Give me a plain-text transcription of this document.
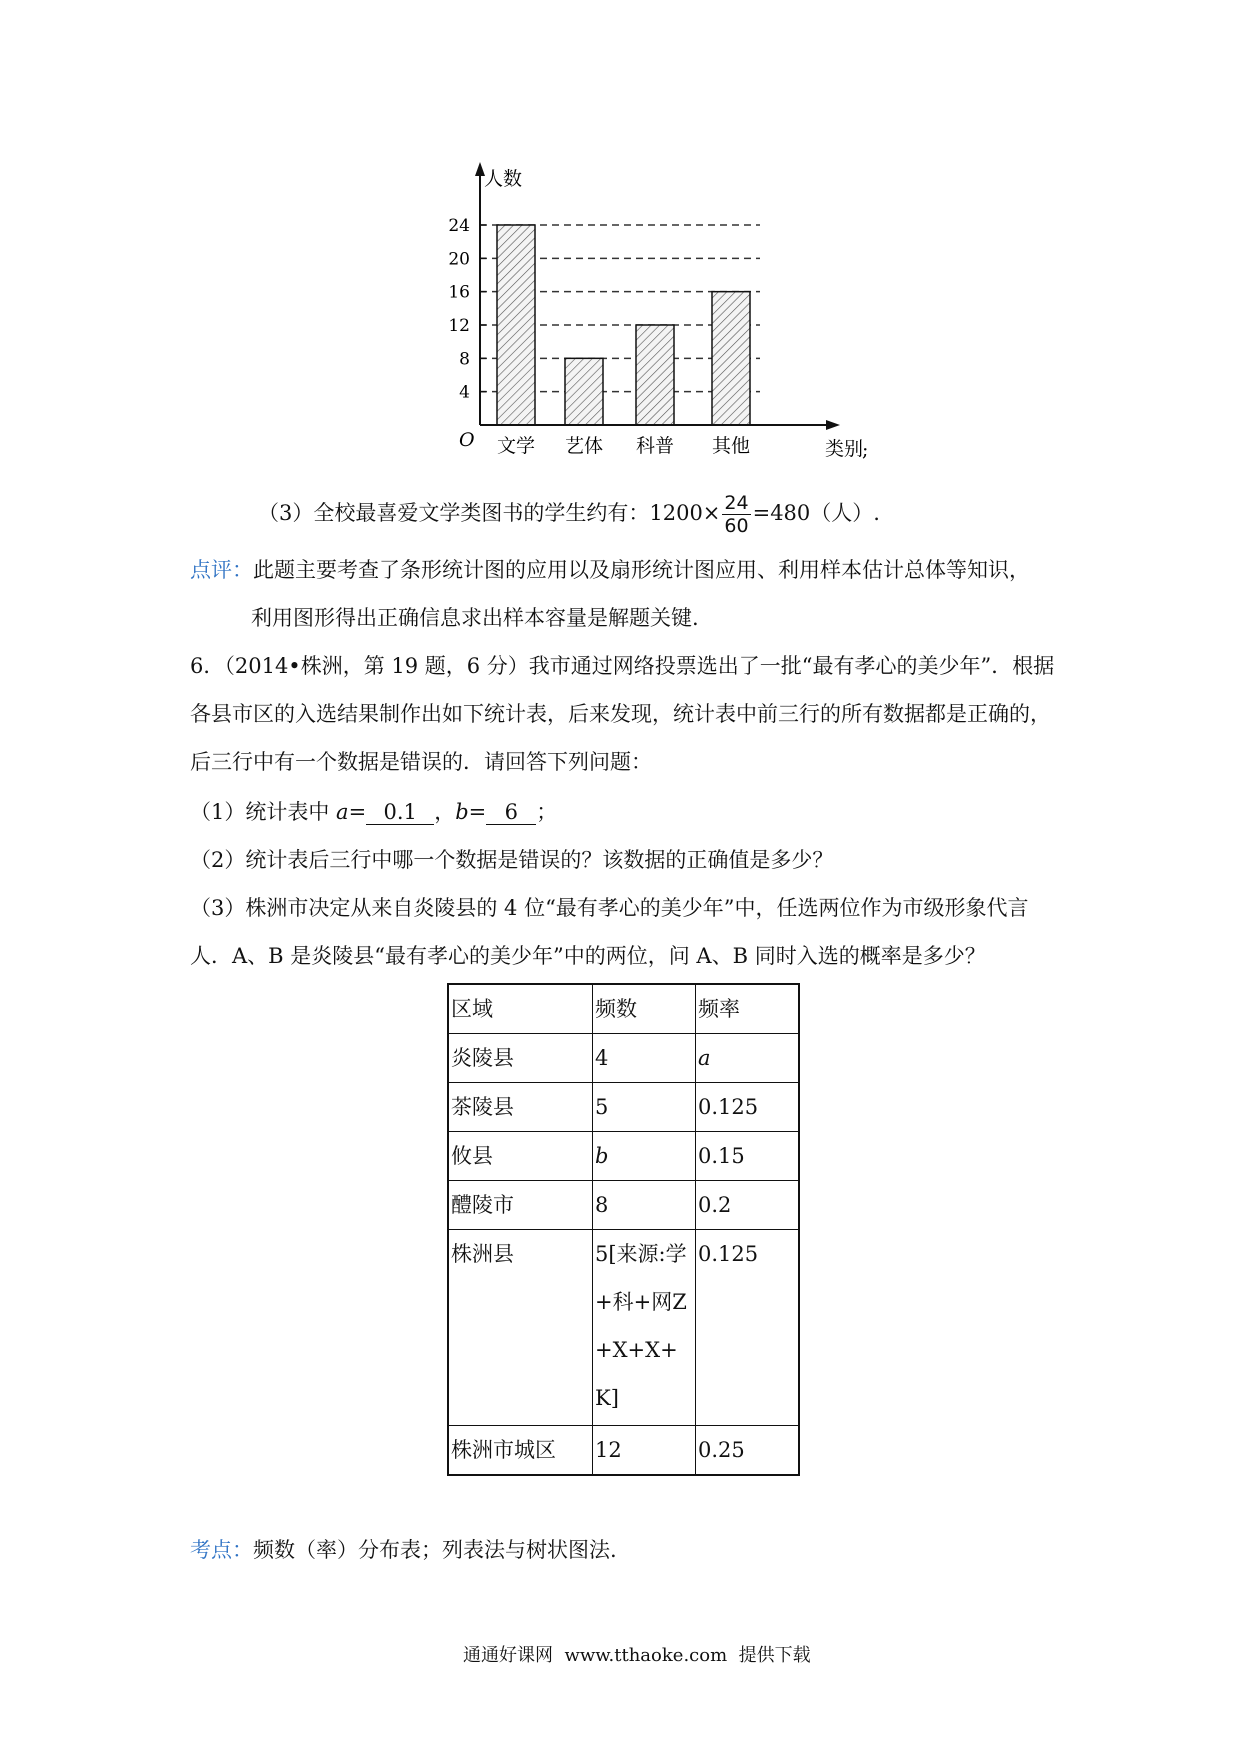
4
8
12
16
20
24
文学 艺体 科普 其他
人数
O	类别
;
（3）全校最喜爱文学类图书的学生约有：$1200\times \frac{24}{60} =480$（人）.
点评：此题主要考查了条形统计图的应用以及扇形统计图应用、利用样本估计总体等知识，
利用图形得出正确信息求出样本容量是解题关键.
6．（2014•株洲，第 19 题，6 分）我市通过网络投票选出了一批“最有孝心的美少年”．根据
各县市区的入选结果制作出如下统计表，后来发现，统计表中前三行的所有数据都是正确的，
后三行中有一个数据是错误的．请回答下列问题：
（1）统计表中 a= 0.1 ，b= 6 ；
（2）统计表后三行中哪一个数据是错误的？该数据的正确值是多少？
（3）株洲市决定从来自炎陵县的 4 位“最有孝心的美少年”中，任选两位作为市级形象代言
人．A、B 是炎陵县“最有孝心的美少年”中的两位，问 A、B 同时入选的概率是多少？
区域	频数	频率
炎陵县	4	a
茶陵县	5	0.125
攸县	b	0.15
醴陵市	8	0.2
株洲县	5[来源:学+科+网Z+X+X+K]	0.125
株洲市城区	12	0.25
考点：频数（率）分布表；列表法与树状图法.
通通好课网  www.tthaoke.com  提供下载
